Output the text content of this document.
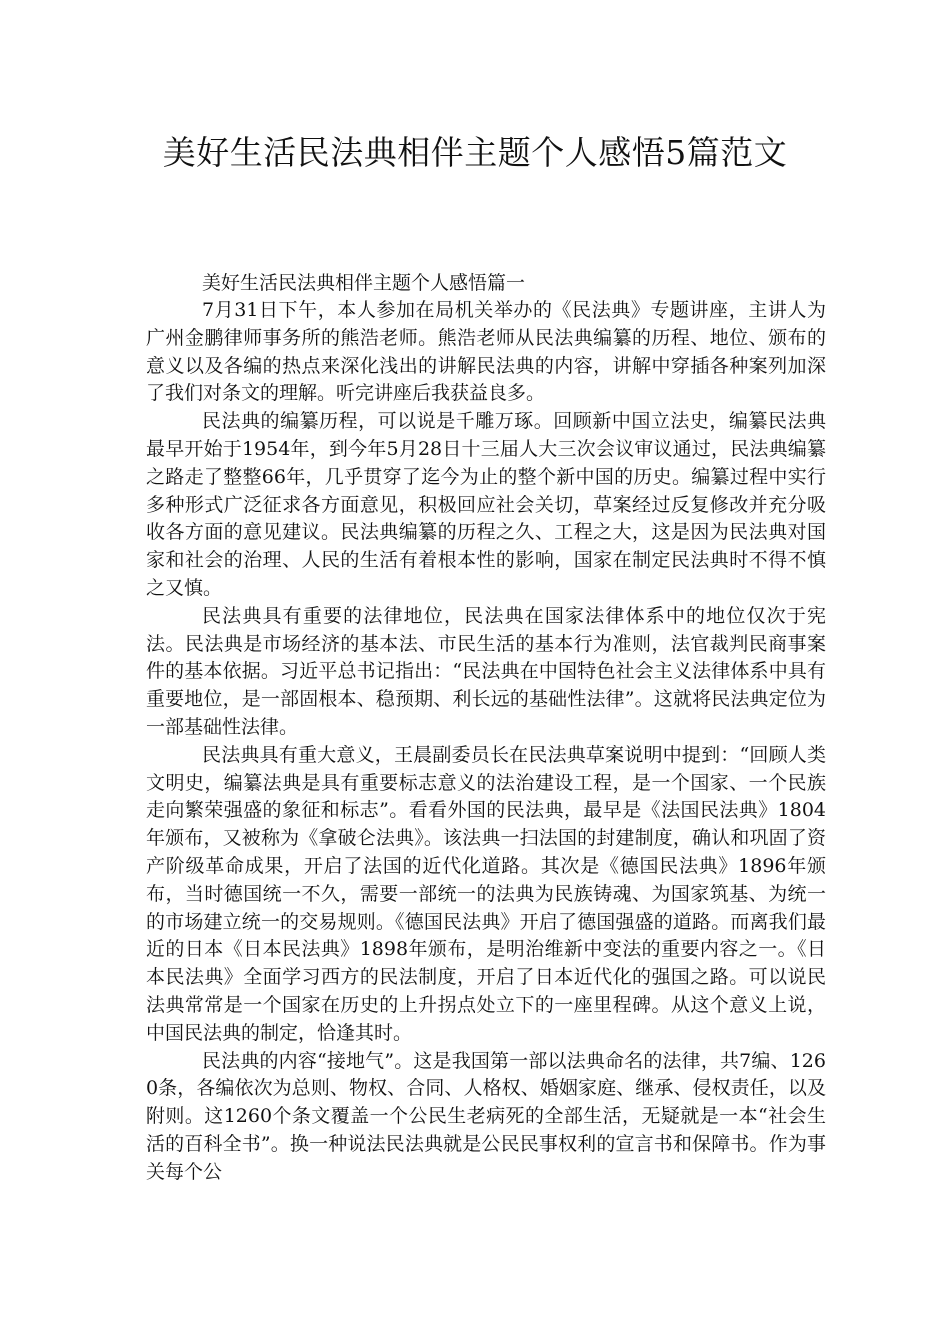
美好生活民法典相伴主题个人感悟5篇范文

美好生活民法典相伴主题个人感悟篇一

7月31日下午，本人参加在局机关举办的《民法典》专题讲座，主讲人为广州金鹏律师事务所的熊浩老师。熊浩老师从民法典编纂的历程、地位、颁布的意义以及各编的热点来深化浅出的讲解民法典的内容，讲解中穿插各种案列加深了我们对条文的理解。听完讲座后我获益良多。

民法典的编纂历程，可以说是千雕万琢。回顾新中国立法史，编纂民法典最早开始于1954年，到今年5月28日十三届人大三次会议审议通过，民法典编纂之路走了整整66年，几乎贯穿了迄今为止的整个新中国的历史。编纂过程中实行多种形式广泛征求各方面意见，积极回应社会关切，草案经过反复修改并充分吸收各方面的意见建议。民法典编纂的历程之久、工程之大，这是因为民法典对国家和社会的治理、人民的生活有着根本性的影响，国家在制定民法典时不得不慎之又慎。

民法典具有重要的法律地位，民法典在国家法律体系中的地位仅次于宪法。民法典是市场经济的基本法、市民生活的基本行为准则，法官裁判民商事案件的基本依据。习近平总书记指出：“民法典在中国特色社会主义法律体系中具有重要地位，是一部固根本、稳预期、利长远的基础性法律”。这就将民法典定位为一部基础性法律。

民法典具有重大意义，王晨副委员长在民法典草案说明中提到：“回顾人类文明史，编纂法典是具有重要标志意义的法治建设工程，是一个国家、一个民族走向繁荣强盛的象征和标志”。看看外国的民法典，最早是《法国民法典》1804年颁布，又被称为《拿破仑法典》。该法典一扫法国的封建制度，确认和巩固了资产阶级革命成果，开启了法国的近代化道路。其次是《德国民法典》1896年颁布，当时德国统一不久，需要一部统一的法典为民族铸魂、为国家筑基、为统一的市场建立统一的交易规则。《德国民法典》开启了德国强盛的道路。而离我们最近的日本《日本民法典》1898年颁布，是明治维新中变法的重要内容之一。《日本民法典》全面学习西方的民法制度，开启了日本近代化的强国之路。可以说民法典常常是一个国家在历史的上升拐点处立下的一座里程碑。从这个意义上说，中国民法典的制定，恰逢其时。

民法典的内容“接地气”。这是我国第一部以法典命名的法律，共7编、1260条，各编依次为总则、物权、合同、人格权、婚姻家庭、继承、侵权责任，以及附则。这1260个条文覆盖一个公民生老病死的全部生活，无疑就是一本“社会生活的百科全书”。换一种说法民法典就是公民民事权利的宣言书和保障书。作为事关每个公
